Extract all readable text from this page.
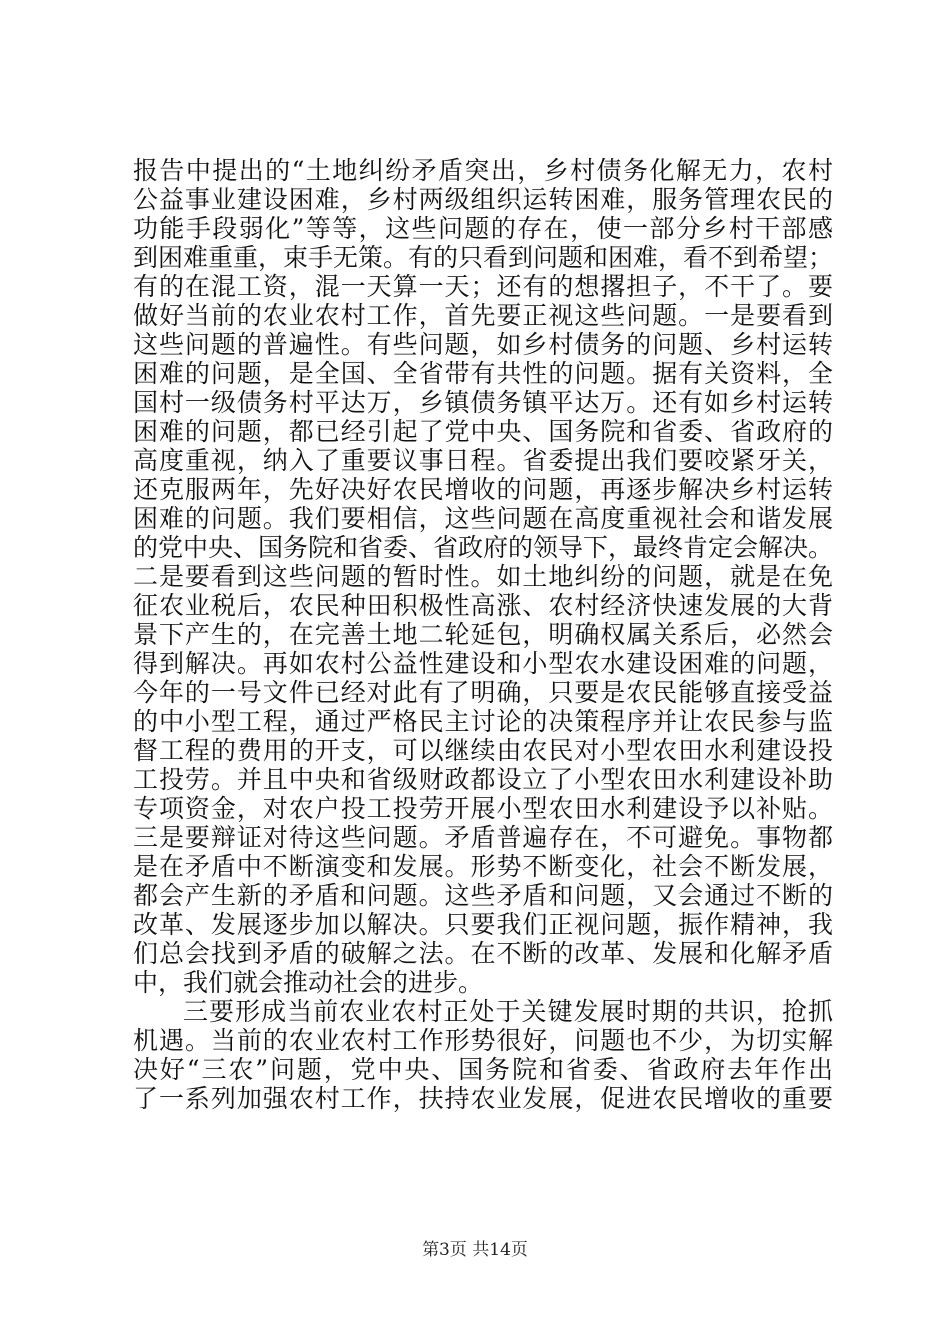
报告中提出的“土地纠纷矛盾突出，乡村债务化解无力，农村
公益事业建设困难，乡村两级组织运转困难，服务管理农民的
功能手段弱化”等等，这些问题的存在，使一部分乡村干部感
到困难重重，束手无策。有的只看到问题和困难，看不到希望；
有的在混工资，混一天算一天；还有的想撂担子，不干了。要
做好当前的农业农村工作，首先要正视这些问题。一是要看到
这些问题的普遍性。有些问题，如乡村债务的问题、乡村运转
困难的问题，是全国、全省带有共性的问题。据有关资料，全
国村一级债务村平达万，乡镇债务镇平达万。还有如乡村运转
困难的问题，都已经引起了党中央、国务院和省委、省政府的
高度重视，纳入了重要议事日程。省委提出我们要咬紧牙关，
还克服两年，先好决好农民增收的问题，再逐步解决乡村运转
困难的问题。我们要相信，这些问题在高度重视社会和谐发展
的党中央、国务院和省委、省政府的领导下，最终肯定会解决。
二是要看到这些问题的暂时性。如土地纠纷的问题，就是在免
征农业税后，农民种田积极性高涨、农村经济快速发展的大背
景下产生的，在完善土地二轮延包，明确权属关系后，必然会
得到解决。再如农村公益性建设和小型农水建设困难的问题，
今年的一号文件已经对此有了明确，只要是农民能够直接受益
的中小型工程，通过严格民主讨论的决策程序并让农民参与监
督工程的费用的开支，可以继续由农民对小型农田水利建设投
工投劳。并且中央和省级财政都设立了小型农田水利建设补助
专项资金，对农户投工投劳开展小型农田水利建设予以补贴。
三是要辩证对待这些问题。矛盾普遍存在，不可避免。事物都
是在矛盾中不断演变和发展。形势不断变化，社会不断发展，
都会产生新的矛盾和问题。这些矛盾和问题，又会通过不断的
改革、发展逐步加以解决。只要我们正视问题，振作精神，我
们总会找到矛盾的破解之法。在不断的改革、发展和化解矛盾
中，我们就会推动社会的进步。
三要形成当前农业农村正处于关键发展时期的共识，抢抓
机遇。当前的农业农村工作形势很好，问题也不少，为切实解
决好“三农”问题，党中央、国务院和省委、省政府去年作出
了一系列加强农村工作，扶持农业发展，促进农民增收的重要
第3页 共14页
